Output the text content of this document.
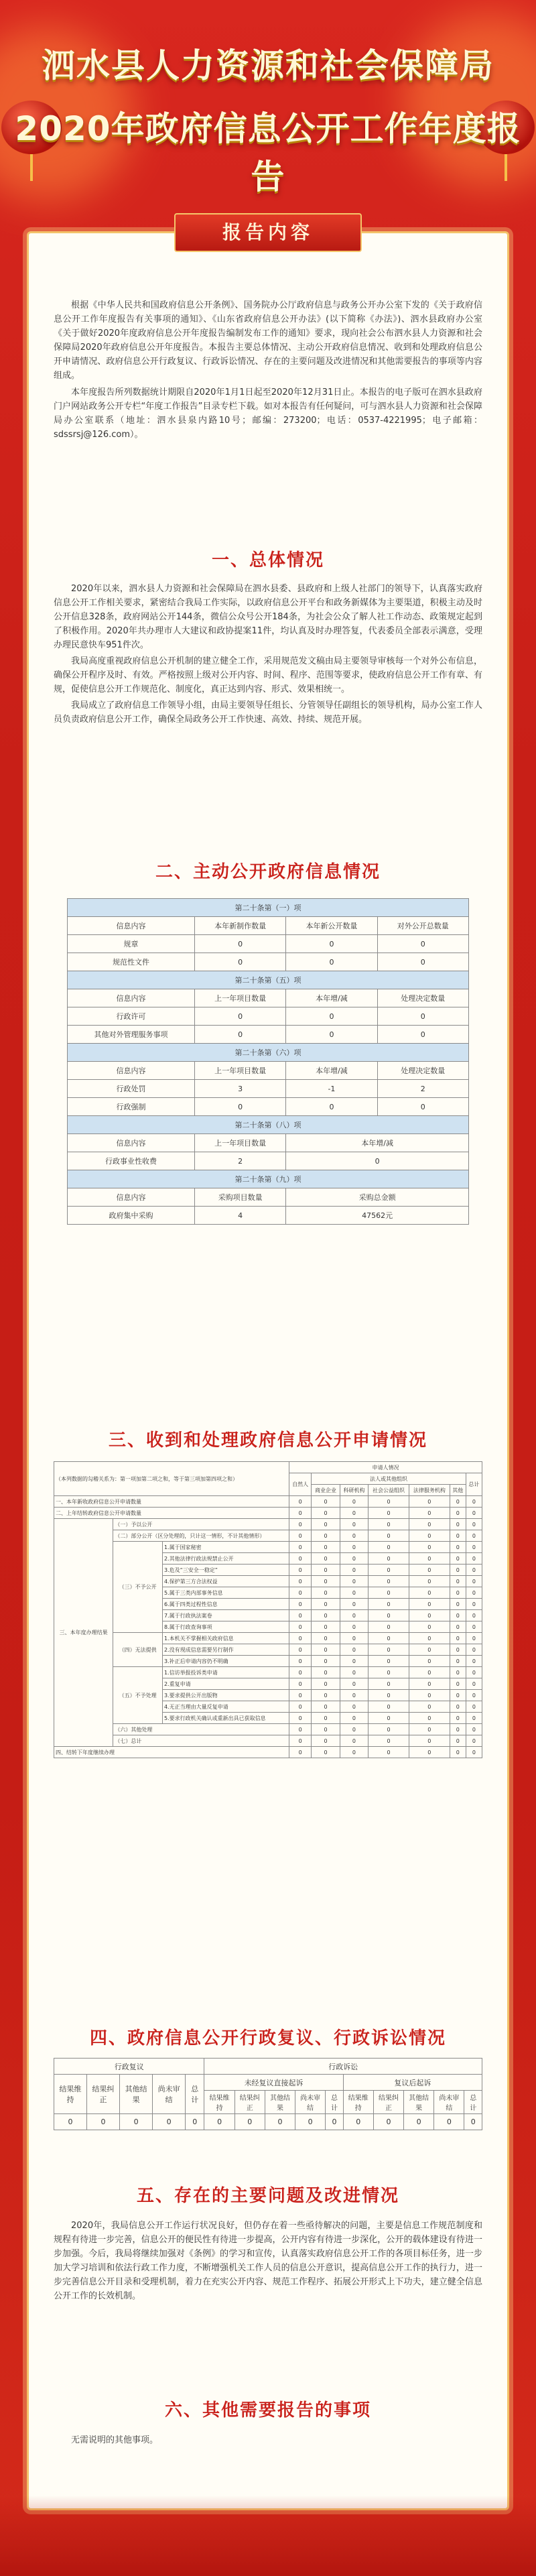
泗水县人力资源和社会保障局
2020年政府信息公开工作年度报告
报告内容

根据《中华人民共和国政府信息公开条例》、国务院办公厅政府信息与政务公开办公室下发的《关于政府信息公开工作年度报告有关事项的通知》、《山东省政府信息公开办法》(以下简称《办法》)、泗水县政府办公室《关于做好2020年度政府信息公开年度报告编制发布工作的通知》要求，现向社会公布泗水县人力资源和社会保障局2020年政府信息公开年度报告。本报告主要总体情况、主动公开政府信息情况、收到和处理政府信息公开申请情况、政府信息公开行政复议、行政诉讼情况、存在的主要问题及改进情况和其他需要报告的事项等内容组成。

本年度报告所列数据统计期限自2020年1月1日起至2020年12月31日止。本报告的电子版可在泗水县政府门户网站政务公开专栏“年度工作报告”目录专栏下载。如对本报告有任何疑问，可与泗水县人力资源和社会保障局办公室联系（地址：泗水县泉内路10号；邮编：273200；电话：0537-4221995；电子邮箱：sdssrsj@126.com）。

一、总体情况

2020年以来，泗水县人力资源和社会保障局在泗水县委、县政府和上级人社部门的领导下，认真落实政府信息公开工作相关要求，紧密结合我局工作实际，以政府信息公开平台和政务新媒体为主要渠道，积极主动及时公开信息328条，政府网站公开144条，微信公众号公开184条，为社会公众了解人社工作动态、政策规定起到了积极作用。2020年共办理市人大建议和政协提案11件，均认真及时办理答复，代表委员全部表示满意，受理办理民意快车951件次。

我局高度重视政府信息公开机制的建立健全工作，采用规范发文稿由局主要领导审核每一个对外公布信息，确保公开程序及时、有效。严格按照上级对公开内容、时间、程序、范围等要求，使政府信息公开工作有章、有规，促使信息公开工作规范化、制度化，真正达到内容、形式、效果相统一。

我局成立了政府信息工作领导小组，由局主要领导任组长、分管领导任副组长的领导机构，局办公室工作人员负责政府信息公开工作，确保全局政务公开工作快速、高效、持续、规范开展。

二、主动公开政府信息情况
第二十条第（一）项			
信息内容	本年新制作数量	本年新公开数量	对外公开总数量
规章	0	0	0
规范性文件	0	0	0
第二十条第（五）项			
信息内容	上一年项目数量	本年增/减	处理决定数量
行政许可	0	0	0
其他对外管理服务事项	0	0	0
第二十条第（六）项			
信息内容	上一年项目数量	本年增/减	处理决定数量
行政处罚	3	-1	2
行政强制	0	0	0
第二十条第（八）项			
信息内容	上一年项目数量	本年增/减	
行政事业性收费	2	0	
第二十条第（九）项			
信息内容	采购项目数量	采购总金额	
政府集中采购	4	47562元	
三、收到和处理政府信息公开申请情况
（本列数据的勾稽关系为：第一项加第二项之和，等于第三项加第四项之和）			申请人情况						
			自然人	法人或其他组织					总计
				商业企业	科研机构	社会公益组织	法律服务机构	其他	
一、本年新收政府信息公开申请数量			0	0	0	0	0	0	0
二、上年结转政府信息公开申请数量			0	0	0	0	0	0	0
三、本年度办理结果	（一）予以公开		0	0	0	0	0	0	0
	（二）部分公开（区分处理的，只计这一情形，不计其他情形）		0	0	0	0	0	0	0
	（三）不予公开	1.属于国家秘密	0	0	0	0	0	0	0
		2.其他法律行政法规禁止公开	0	0	0	0	0	0	0
		3.危及“三安全一稳定”	0	0	0	0	0	0	0
		4.保护第三方合法权益	0	0	0	0	0	0	0
		5.属于三类内部事务信息	0	0	0	0	0	0	0
		6.属于四类过程性信息	0	0	0	0	0	0	0
		7.属于行政执法案卷	0	0	0	0	0	0	0
		8.属于行政查询事项	0	0	0	0	0	0	0
	（四）无法提供	1.本机关不掌握相关政府信息	0	0	0	0	0	0	0
		2.没有现成信息需要另行制作	0	0	0	0	0	0	0
		3.补正后申请内容仍不明确	0	0	0	0	0	0	0
	（五）不予处理	1.信访举报投诉类申请	0	0	0	0	0	0	0
		2.重复申请	0	0	0	0	0	0	0
		3.要求提供公开出版物	0	0	0	0	0	0	0
		4.无正当理由大量反复申请	0	0	0	0	0	0	0
		5.要求行政机关确认或重新出具已获取信息	0	0	0	0	0	0	0
	（六）其他处理		0	0	0	0	0	0	0
	（七）总计		0	0	0	0	0	0	0
四、结转下年度继续办理			0	0	0	0	0	0	0
四、政府信息公开行政复议、行政诉讼情况
行政复议					行政诉讼									
结果维持	结果纠正	其他结果	尚未审结	总计	未经复议直接起诉					复议后起诉				
					结果维持	结果纠正	其他结果	尚未审结	总计	结果维持	结果纠正	其他结果	尚未审结	总计
0	0	0	0	0	0	0	0	0	0	0	0	0	0	0
五、存在的主要问题及改进情况

2020年，我局信息公开工作运行状况良好，但仍存在着一些亟待解决的问题，主要是信息工作规范制度和规程有待进一步完善，信息公开的便民性有待进一步提高，公开内容有待进一步深化，公开的载体建设有待进一步加强。今后，我局将继续加强对《条例》的学习和宣传，认真落实政府信息公开工作的各项目标任务，进一步加大学习培训和依法行政工作力度，不断增强机关工作人员的信息公开意识，提高信息公开工作的执行力，进一步完善信息公开目录和受理机制，着力在充实公开内容、规范工作程序、拓展公开形式上下功夫，建立健全信息公开工作的长效机制。

六、其他需要报告的事项

无需说明的其他事项。
